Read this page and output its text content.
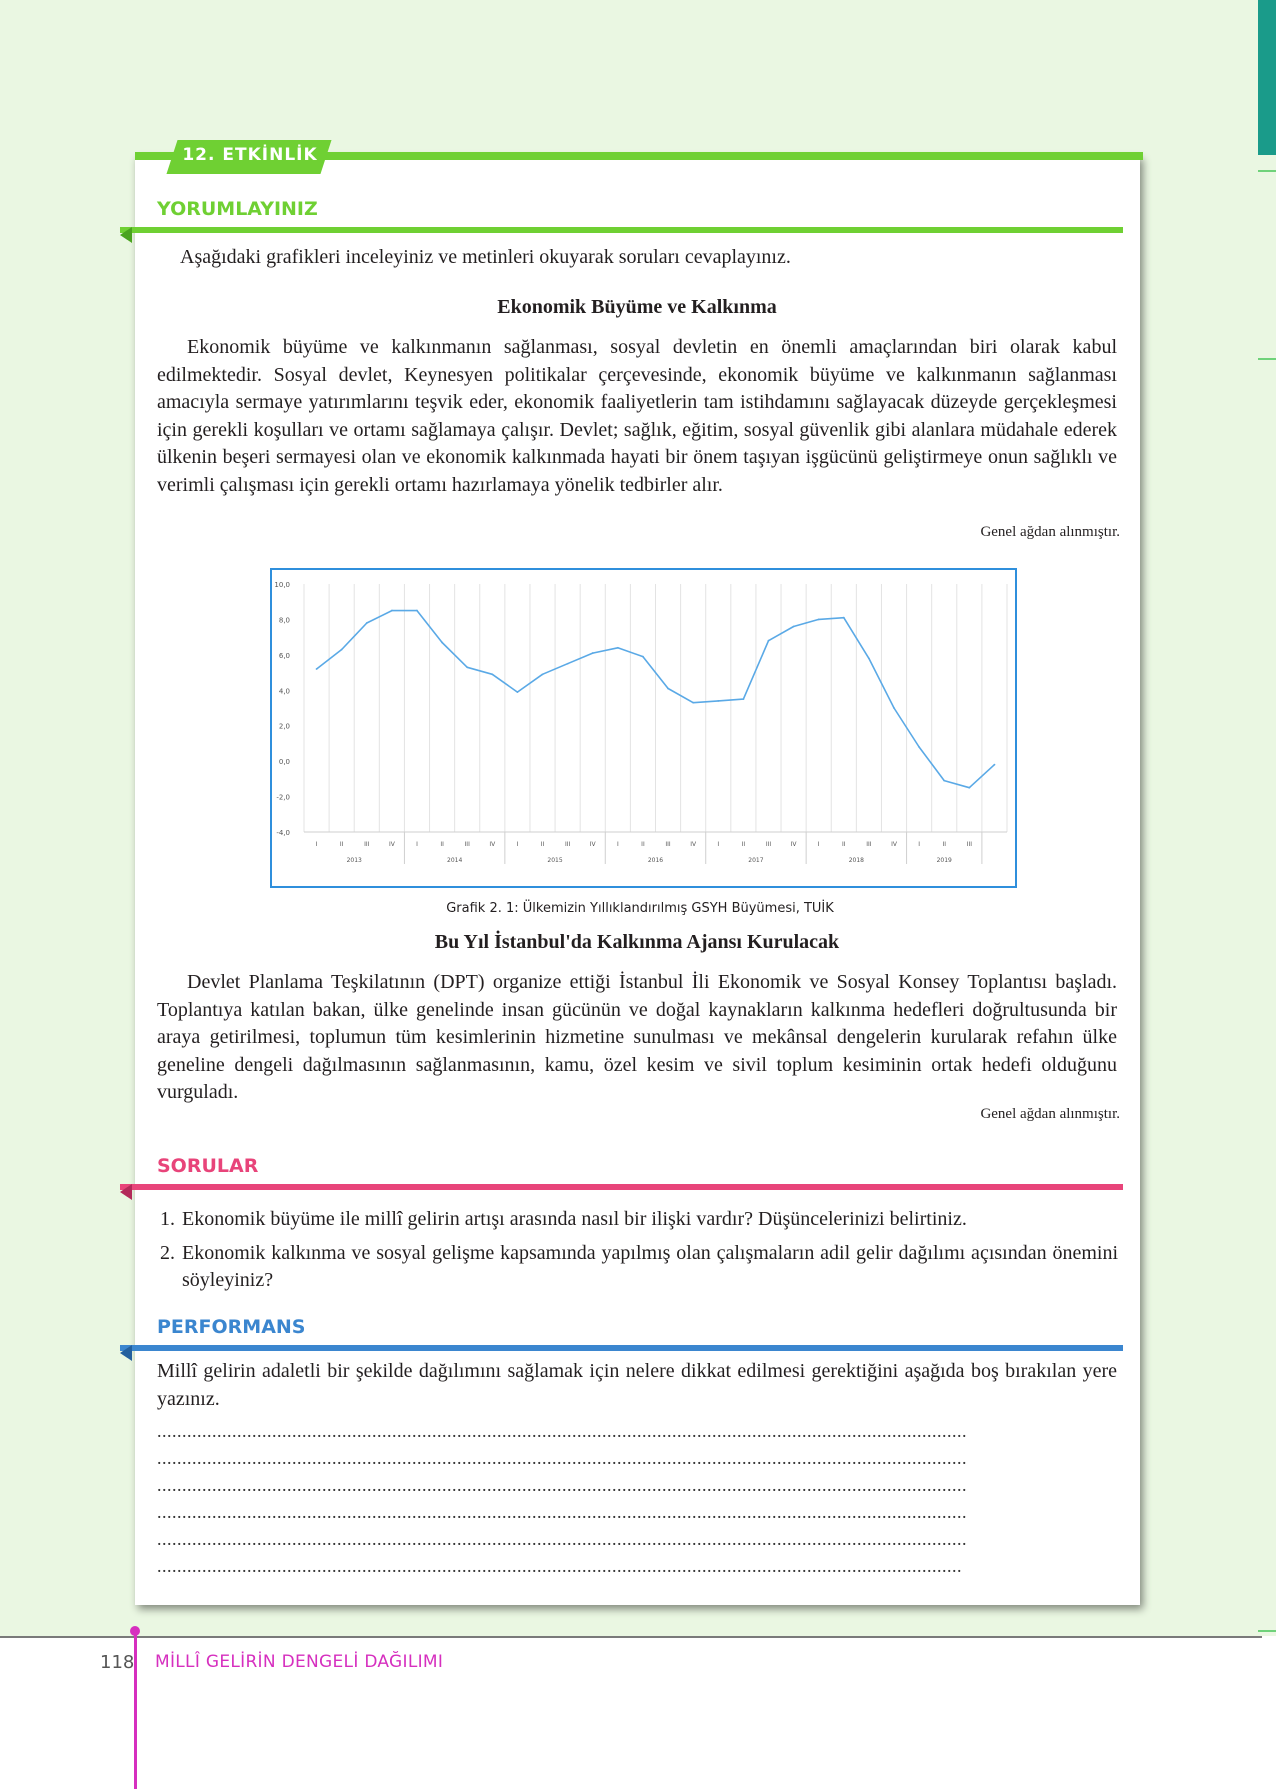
12. ETKİNLİK
YORUMLAYINIZ
Aşağıdaki grafikleri inceleyiniz ve metinleri okuyarak soruları cevaplayınız.
Ekonomik Büyüme ve Kalkınma
Ekonomik büyüme ve kalkınmanın sağlanması, sosyal devletin en önemli amaçlarından biri olarak kabul edilmektedir. Sosyal devlet, Keynesyen politikalar çerçevesinde, ekonomik büyüme ve kalkınmanın sağlanması amacıyla sermaye yatırımlarını teşvik eder, ekonomik faaliyetlerin tam istihdamını sağlayacak düzeyde gerçekleşmesi için gerekli koşulları ve ortamı sağlamaya çalışır. Devlet; sağlık, eğitim, sosyal güvenlik gibi alanlara müdahale ederek ülkenin beşeri sermayesi olan ve ekonomik kalkınmada hayati bir önem taşıyan işgücünü geliştirmeye onun sağlıklı ve verimli çalışması için gerekli ortamı hazırlamaya yönelik tedbirler alır.
Genel ağdan alınmıştır.
10,0
8,0
6,0
4,0
2,0
0,0
-2,0
-4,0
I	II	III	IV	I	II	III	IV	I	II	III	IV	I	II	III	IV	I	II	III	IV	I	II	III	IV	I	II	III
2013	2014	2015	2016	2017	2018	2019
Grafik 2. 1: Ülkemizin Yıllıklandırılmış GSYH Büyümesi, TUİK
Bu Yıl İstanbul'da Kalkınma Ajansı Kurulacak
Devlet Planlama Teşkilatının (DPT) organize ettiği İstanbul İli Ekonomik ve Sosyal Konsey Toplantısı başladı. Toplantıya katılan bakan, ülke genelinde insan gücünün ve doğal kaynakların kalkınma hedefleri doğrultusunda bir araya getirilmesi, toplumun tüm kesimlerinin hizmetine sunulması ve mekânsal dengelerin kurularak refahın ülke geneline dengeli dağılmasının sağlanmasının, kamu, özel kesim ve sivil toplum kesiminin ortak hedefi olduğunu vurguladı.
Genel ağdan alınmıştır.
SORULAR
1. Ekonomik büyüme ile millî gelirin artışı arasında nasıl bir ilişki vardır? Düşüncelerinizi belirtiniz.
2. Ekonomik kalkınma ve sosyal gelişme kapsamında yapılmış olan çalışmaların adil gelir dağılımı açısından önemini söyleyiniz?
PERFORMANS
Millî gelirin adaletli bir şekilde dağılımını sağlamak için nelere dikkat edilmesi gerektiğini aşağıda boş bırakılan yere yazınız.
..................................................................................................................................................................
..................................................................................................................................................................
..................................................................................................................................................................
..................................................................................................................................................................
..................................................................................................................................................................
.................................................................................................................................................................
118 MİLLÎ GELİRİN DENGELİ DAĞILIMI
